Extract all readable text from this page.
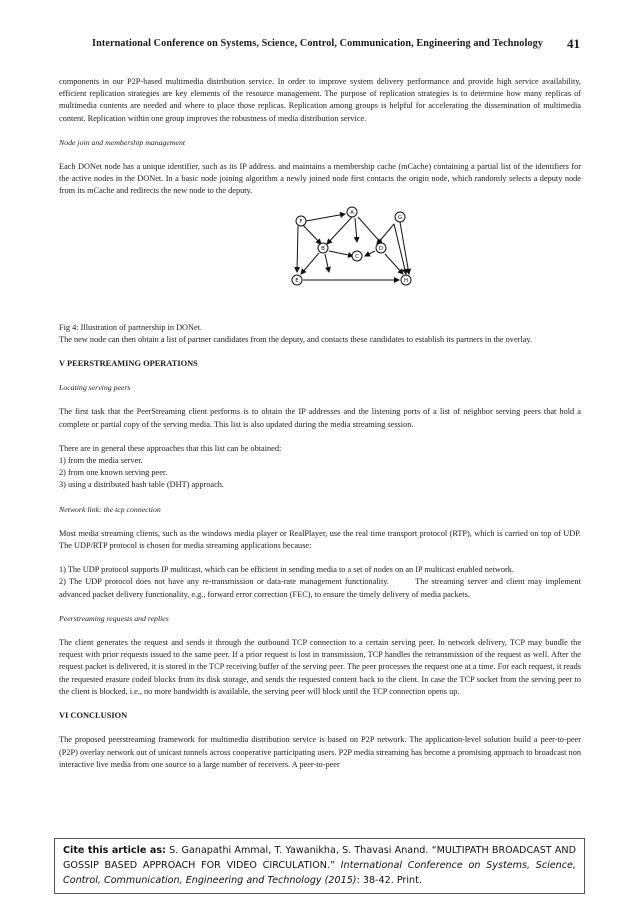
International Conference on Systems, Science, Control, Communication, Engineering and Technology 41

components in our P2P-based multimedia distribution service. In order to improve system delivery performance and provide high service availability, efficient replication strategies are key elements of the resource management. The purpose of replication strategies is to determine how many replicas of multimedia contents are needed and where to place those replicas. Replication among groups is helpful for accelerating the dissemination of multimedia content. Replication within one group improves the robustness of media distribution service.

Node join and membership management

Each DONet node has a unique identifier, such as its IP address. and maintains a membership cache (mCache) containing a partial list of the identifiers for the active nodes in the DONet. In a basic node joining algorithm a newly joined node first contacts the origin node, which randomly selects a deputy node from its mCache and redirects the new node to the deputy.

F
A
G
B
C
D
E	H

Fig 4: Illustration of partnership in DONet.

The new node can then obtain a list of partner candidates from the deputy, and contacts these candidates to establish its partners in the overlay.

V PEERSTREAMING OPERATIONS

Locating serving peers

The first task that the PeerStreaming client performs is to obtain the IP addresses and the listening ports of a list of neighbor serving peers that hold a complete or partial copy of the serving media. This list is also updated during the media streaming session.

There are in general these approaches that this list can be obtained:

1) from the media server.

2) from one known serving peer.

3) using a distributed hash table (DHT) approach.

Network link: the tcp connection

Most media streaming clients, such as the windows media player or RealPlayer, use the real time transport protocol (RTP), which is carried on top of UDP. The UDP/RTP protocol is chosen for media streaming applications because:

1) The UDP protocol supports IP multicast, which can be efficient in sending media to a set of nodes on an IP multicast enabled network.

2) The UDP protocol does not have any re-transmission or data-rate management functionality.        The streaming server and client may implement advanced packet delivery functionality, e.g., forward error correction (FEC), to ensure the timely delivery of media packets.

Peerstreaming requests and replies

The client generates the request and sends it through the outbound TCP connection to a certain serving peer. In network delivery, TCP may bundle the request with prior requests issued to the same peer. If a prior request is lost in transmission, TCP handles the retransmission of the request as well. After the request packet is delivered, it is stored in the TCP receiving buffer of the serving peer. The peer processes the request one at a time. For each request, it reads the requested erasure coded blocks from its disk storage, and sends the requested content back to the client. In case the TCP socket from the serving peer to the client is blocked, i.e., no more bandwidth is available, the serving peer will block until the TCP connection opens up.

VI CONCLUSION

The proposed peerstreaming framework for multimedia distribution service is based on P2P network. The application-level solution build a peer-to-peer (P2P) overlay network out of unicast tunnels across cooperative participating users. P2P media streaming has become a promising approach to broadcast non interactive live media from one source to a large number of receivers. A peer-to-peer

Cite this article as: S. Ganapathi Ammal, T. Yawanikha, S. Thavasi Anand. “MULTIPATH BROADCAST AND GOSSIP BASED APPROACH FOR VIDEO CIRCULATION.” International Conference on Systems, Science, Control, Communication, Engineering and Technology (2015): 38-42. Print.
